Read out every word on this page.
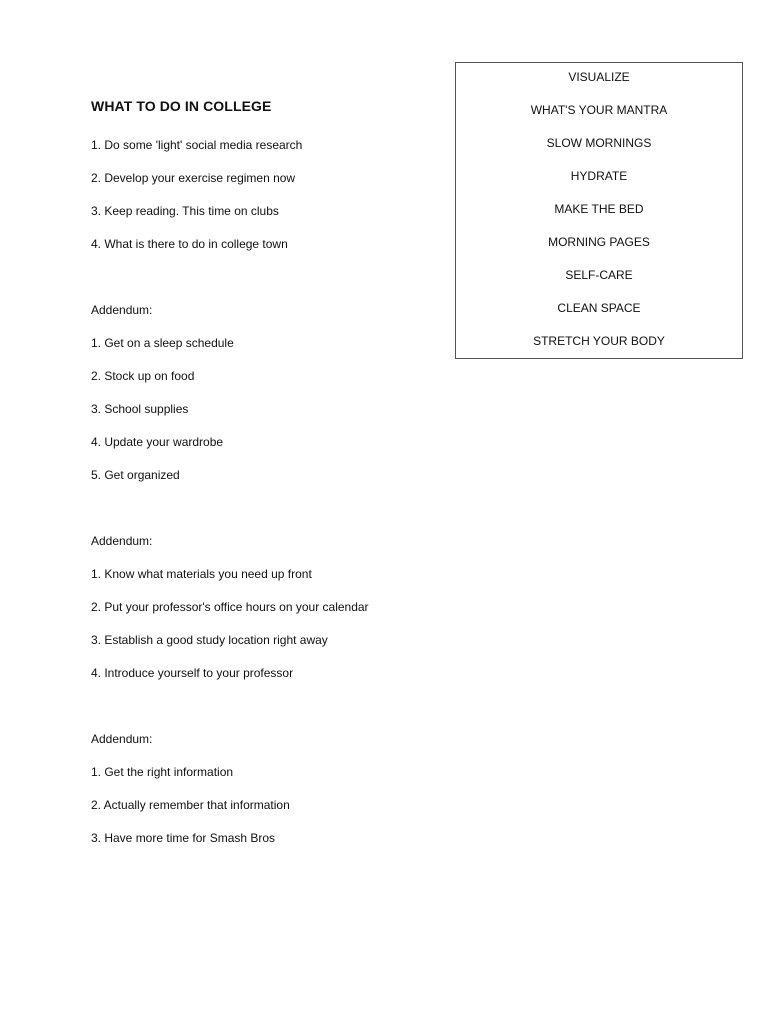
WHAT TO DO IN COLLEGE
1. Do some 'light' social media research
2. Develop your exercise regimen now
3. Keep reading. This time on clubs
4. What is there to do in college town
Addendum:
1. Get on a sleep schedule
2. Stock up on food
3. School supplies
4. Update your wardrobe
5. Get organized
Addendum:
1. Know what materials you need up front
2. Put your professor's office hours on your calendar
3. Establish a good study location right away
4. Introduce yourself to your professor
Addendum:
1. Get the right information
2. Actually remember that information
3. Have more time for Smash Bros
VISUALIZE
WHAT'S YOUR MANTRA
SLOW MORNINGS
HYDRATE
MAKE THE BED
MORNING PAGES
SELF-CARE
CLEAN SPACE
STRETCH YOUR BODY
